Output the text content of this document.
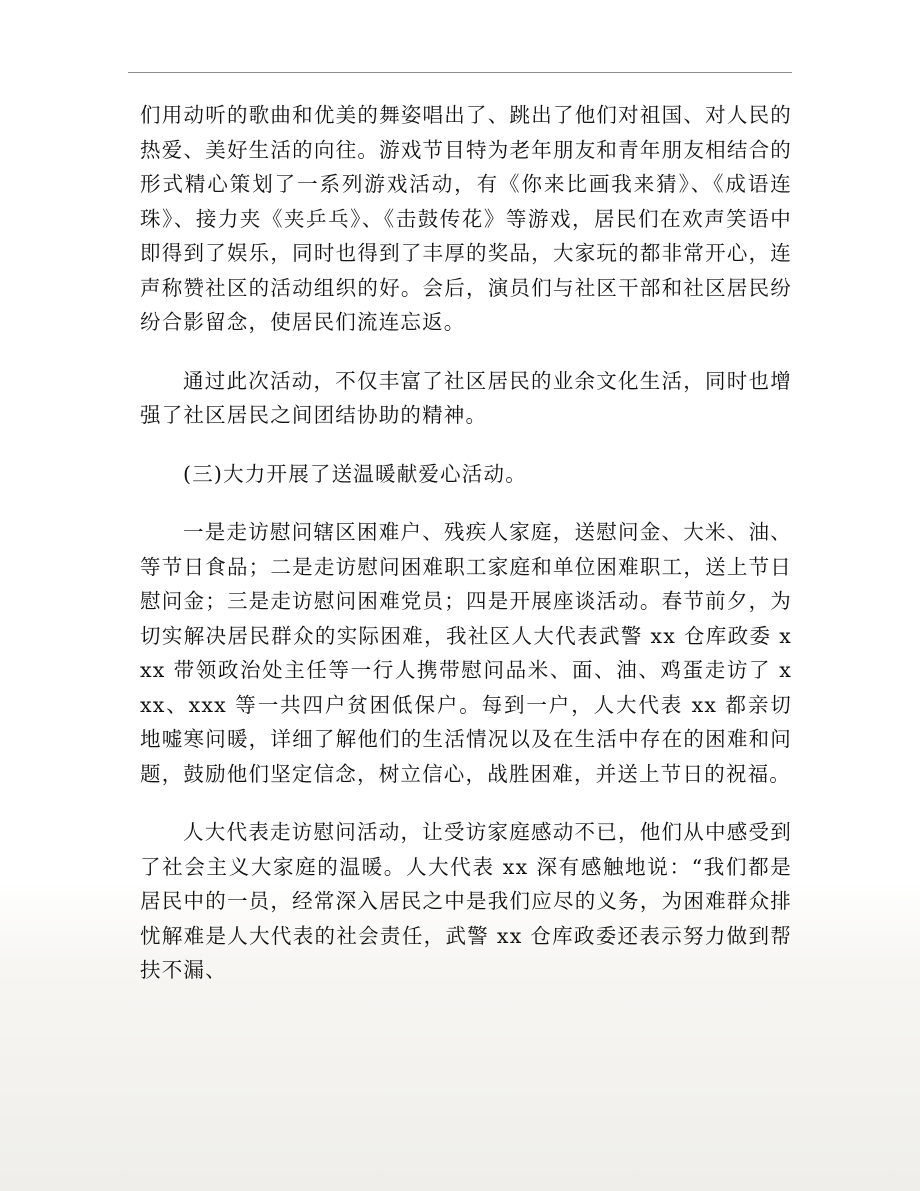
们用动听的歌曲和优美的舞姿唱出了、跳出了他们对祖国、对人民的热爱、美好生活的向往。游戏节目特为老年朋友和青年朋友相结合的形式精心策划了一系列游戏活动，有《你来比画我来猜》、《成语连珠》、接力夹《夹乒乓》、《击鼓传花》等游戏，居民们在欢声笑语中即得到了娱乐，同时也得到了丰厚的奖品，大家玩的都非常开心，连声称赞社区的活动组织的好。会后，演员们与社区干部和社区居民纷纷合影留念，使居民们流连忘返。

通过此次活动，不仅丰富了社区居民的业余文化生活，同时也增强了社区居民之间团结协助的精神。

(三)大力开展了送温暖献爱心活动。

一是走访慰问辖区困难户、残疾人家庭，送慰问金、大米、油、等节日食品；二是走访慰问困难职工家庭和单位困难职工，送上节日慰问金；三是走访慰问困难党员；四是开展座谈活动。春节前夕，为切实解决居民群众的实际困难，我社区人大代表武警 xx 仓库政委 xxx 带领政治处主任等一行人携带慰问品米、面、油、鸡蛋走访了 xxx、xxx 等一共四户贫困低保户。每到一户，人大代表 xx 都亲切地嘘寒问暖，详细了解他们的生活情况以及在生活中存在的困难和问题，鼓励他们坚定信念，树立信心，战胜困难，并送上节日的祝福。

人大代表走访慰问活动，让受访家庭感动不已，他们从中感受到了社会主义大家庭的温暖。人大代表 xx 深有感触地说：“我们都是居民中的一员，经常深入居民之中是我们应尽的义务，为困难群众排忧解难是人大代表的社会责任，武警 xx 仓库政委还表示努力做到帮扶不漏、
